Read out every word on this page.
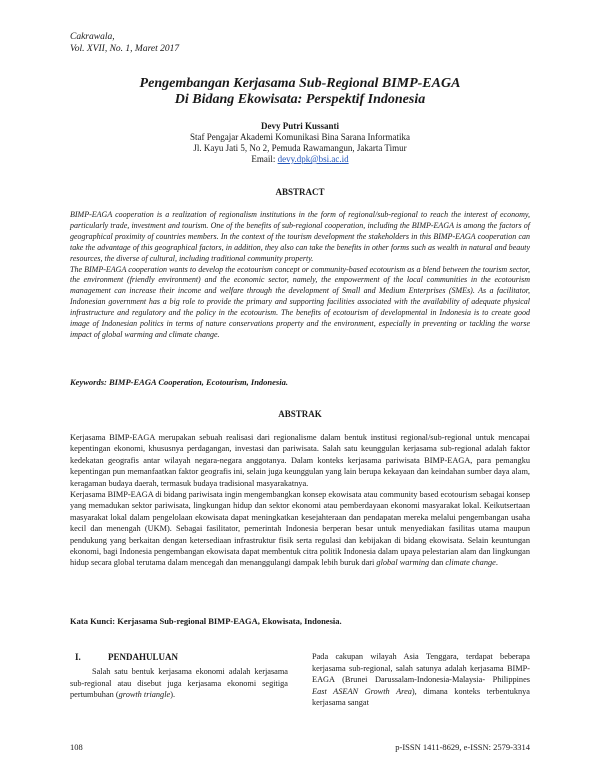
Cakrawala,
Vol. XVII, No. 1, Maret 2017
Pengembangan Kerjasama Sub-Regional BIMP-EAGA
Di Bidang Ekowisata: Perspektif Indonesia
Devy Putri Kussanti
Staf Pengajar Akademi Komunikasi Bina Sarana Informatika
Jl. Kayu Jati 5, No 2, Pemuda Rawamangun, Jakarta Timur
Email: devy.dpk@bsi.ac.id
ABSTRACT

BIMP-EAGA cooperation is a realization of regionalism institutions in the form of regional/sub-regional to reach the interest of economy, particularly trade, investment and tourism. One of the benefits of sub-regional cooperation, including the BIMP-EAGA is among the factors of geographical proximity of countries members. In the context of the tourism development the stakeholders in this BIMP-EAGA cooperation can take the advantage of this geographical factors, in addition, they also can take the benefits in other forms such as wealth in natural and beauty resources, the diverse of cultural, including traditional community property.

The BIMP-EAGA cooperation wants to develop the ecotourism concept or community-based ecotourism as a blend between the tourism sector, the environment (friendly environment) and the economic sector, namely, the empowerment of the local communities in the ecotourism management can increase their income and welfare through the development of Small and Medium Enterprises (SMEs). As a facilitator, Indonesian government has a big role to provide the primary and supporting facilities associated with the availability of adequate physical infrastructure and regulatory and the policy in the ecotourism. The benefits of ecotourism of developmental in Indonesia is to create good image of Indonesian politics in terms of nature conservations property and the environment, especially in preventing or tackling the worse impact of global warming and climate change.

Keywords: BIMP-EAGA Cooperation, Ecotourism, Indonesia.
ABSTRAK

Kerjasama BIMP-EAGA merupakan sebuah realisasi dari regionalisme dalam bentuk institusi regional/sub-regional untuk mencapai kepentingan ekonomi, khususnya perdagangan, investasi dan pariwisata. Salah satu keunggulan kerjasama sub-regional adalah faktor kedekatan geografis antar wilayah negara-negara anggotanya. Dalam konteks kerjasama pariwisata BIMP-EAGA, para pemangku kepentingan pun memanfaatkan faktor geografis ini, selain juga keunggulan yang lain berupa kekayaan dan keindahan sumber daya alam, keragaman budaya daerah, termasuk budaya tradisional masyarakatnya.

Kerjasama BIMP-EAGA di bidang pariwisata ingin mengembangkan konsep ekowisata atau community based ecotourism sebagai konsep yang memadukan sektor pariwisata, lingkungan hidup dan sektor ekonomi atau pemberdayaan ekonomi masyarakat lokal. Keikutsertaan masyarakat lokal dalam pengelolaan ekowisata dapat meningkatkan kesejahteraan dan pendapatan mereka melalui pengembangan usaha kecil dan menengah (UKM). Sebagai fasilitator, pemerintah Indonesia berperan besar untuk menyediakan fasilitas utama maupun pendukung yang berkaitan dengan ketersediaan infrastruktur fisik serta regulasi dan kebijakan di bidang ekowisata. Selain keuntungan ekonomi, bagi Indonesia pengembangan ekowisata dapat membentuk citra politik Indonesia dalam upaya pelestarian alam dan lingkungan hidup secara global terutama dalam mencegah dan menanggulangi dampak lebih buruk dari global warming dan climate change.

Kata Kunci: Kerjasama Sub-regional BIMP-EAGA, Ekowisata, Indonesia.
I.	PENDAHULUAN
Salah satu bentuk kerjasama ekonomi adalah kerjasama sub-regional atau disebut juga kerjasama ekonomi segitiga pertumbuhan (growth triangle).
Pada cakupan wilayah Asia Tenggara, terdapat beberapa kerjasama sub-regional, salah satunya adalah kerjasama BIMP-EAGA (Brunei Darussalam-Indonesia-Malaysia- Philippines East ASEAN Growth Area), dimana konteks terbentuknya kerjasama sangat
108	p-ISSN 1411-8629, e-ISSN: 2579-3314
